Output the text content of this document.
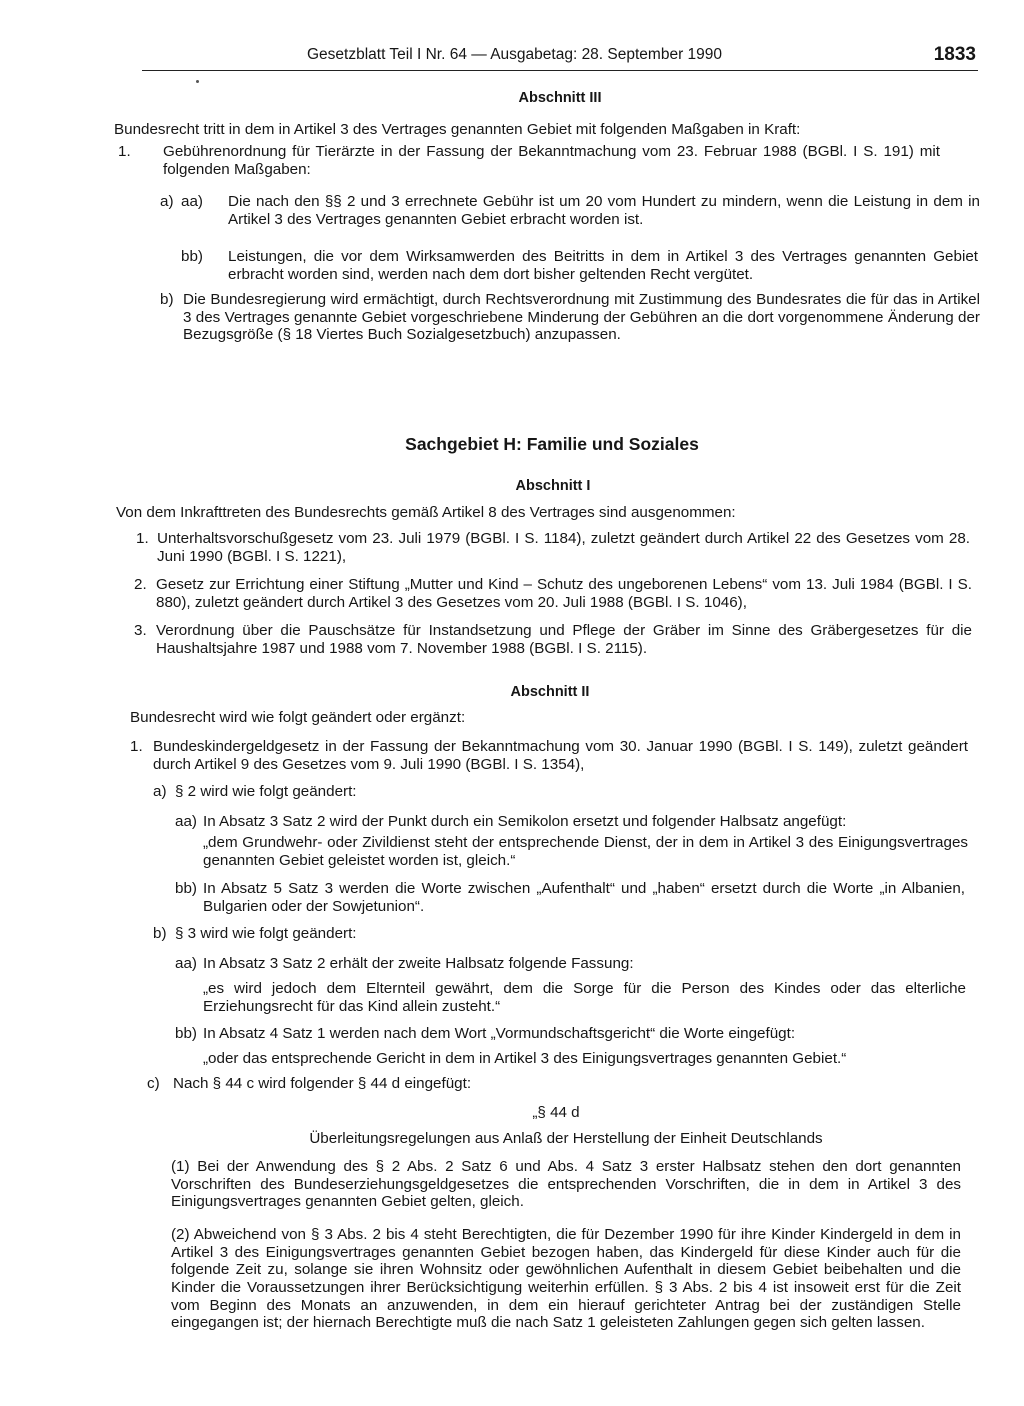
Gesetzblatt Teil I Nr. 64 — Ausgabetag: 28. September 1990	1833
Abschnitt III
Bundesrecht tritt in dem in Artikel 3 des Vertrages genannten Gebiet mit folgenden Maßgaben in Kraft:
1. Gebührenordnung für Tierärzte in der Fassung der Bekanntmachung vom 23. Februar 1988 (BGBl. I S. 191) mit folgenden Maßgaben:
a) aa) Die nach den §§ 2 und 3 errechnete Gebühr ist um 20 vom Hundert zu mindern, wenn die Leistung in dem in Artikel 3 des Vertrages genannten Gebiet erbracht worden ist.
bb) Leistungen, die vor dem Wirksamwerden des Beitritts in dem in Artikel 3 des Vertrages genannten Gebiet erbracht worden sind, werden nach dem dort bisher geltenden Recht vergütet.
b) Die Bundesregierung wird ermächtigt, durch Rechtsverordnung mit Zustimmung des Bundesrates die für das in Artikel 3 des Vertrages genannte Gebiet vorgeschriebene Minderung der Gebühren an die dort vorgenommene Änderung der Bezugsgröße (§ 18 Viertes Buch Sozialgesetzbuch) anzupassen.
Sachgebiet H: Familie und Soziales
Abschnitt I
Von dem Inkrafttreten des Bundesrechts gemäß Artikel 8 des Vertrages sind ausgenommen:
1. Unterhaltsvorschußgesetz vom 23. Juli 1979 (BGBl. I S. 1184), zuletzt geändert durch Artikel 22 des Gesetzes vom 28. Juni 1990 (BGBl. I S. 1221),
2. Gesetz zur Errichtung einer Stiftung „Mutter und Kind – Schutz des ungeborenen Lebens“ vom 13. Juli 1984 (BGBl. I S. 880), zuletzt geändert durch Artikel 3 des Gesetzes vom 20. Juli 1988 (BGBl. I S. 1046),
3. Verordnung über die Pauschsätze für Instandsetzung und Pflege der Gräber im Sinne des Gräbergesetzes für die Haushaltsjahre 1987 und 1988 vom 7. November 1988 (BGBl. I S. 2115).
Abschnitt II
Bundesrecht wird wie folgt geändert oder ergänzt:
1. Bundeskindergeldgesetz in der Fassung der Bekanntmachung vom 30. Januar 1990 (BGBl. I S. 149), zuletzt geändert durch Artikel 9 des Gesetzes vom 9. Juli 1990 (BGBl. I S. 1354),
a) § 2 wird wie folgt geändert:
aa) In Absatz 3 Satz 2 wird der Punkt durch ein Semikolon ersetzt und folgender Halbsatz angefügt:
„dem Grundwehr- oder Zivildienst steht der entsprechende Dienst, der in dem in Artikel 3 des Einigungsvertrages genannten Gebiet geleistet worden ist, gleich.“
bb) In Absatz 5 Satz 3 werden die Worte zwischen „Aufenthalt“ und „haben“ ersetzt durch die Worte „in Albanien, Bulgarien oder der Sowjetunion“.
b) § 3 wird wie folgt geändert:
aa) In Absatz 3 Satz 2 erhält der zweite Halbsatz folgende Fassung:
„es wird jedoch dem Elternteil gewährt, dem die Sorge für die Person des Kindes oder das elterliche Erziehungsrecht für das Kind allein zusteht.“
bb) In Absatz 4 Satz 1 werden nach dem Wort „Vormundschaftsgericht“ die Worte eingefügt:
„oder das entsprechende Gericht in dem in Artikel 3 des Einigungsvertrages genannten Gebiet.“
c) Nach § 44 c wird folgender § 44 d eingefügt:
„§ 44 d
Überleitungsregelungen aus Anlaß der Herstellung der Einheit Deutschlands
(1) Bei der Anwendung des § 2 Abs. 2 Satz 6 und Abs. 4 Satz 3 erster Halbsatz stehen den dort genannten Vorschriften des Bundeserziehungsgeldgesetzes die entsprechenden Vorschriften, die in dem in Artikel 3 des Einigungsvertrages genannten Gebiet gelten, gleich.
(2) Abweichend von § 3 Abs. 2 bis 4 steht Berechtigten, die für Dezember 1990 für ihre Kinder Kindergeld in dem in Artikel 3 des Einigungsvertrages genannten Gebiet bezogen haben, das Kindergeld für diese Kinder auch für die folgende Zeit zu, solange sie ihren Wohnsitz oder gewöhnlichen Aufenthalt in diesem Gebiet beibehalten und die Kinder die Voraussetzungen ihrer Berücksichtigung weiterhin erfüllen. § 3 Abs. 2 bis 4 ist insoweit erst für die Zeit vom Beginn des Monats an anzuwenden, in dem ein hierauf gerichteter Antrag bei der zuständigen Stelle eingegangen ist; der hiernach Berechtigte muß die nach Satz 1 geleisteten Zahlungen gegen sich gelten lassen.
